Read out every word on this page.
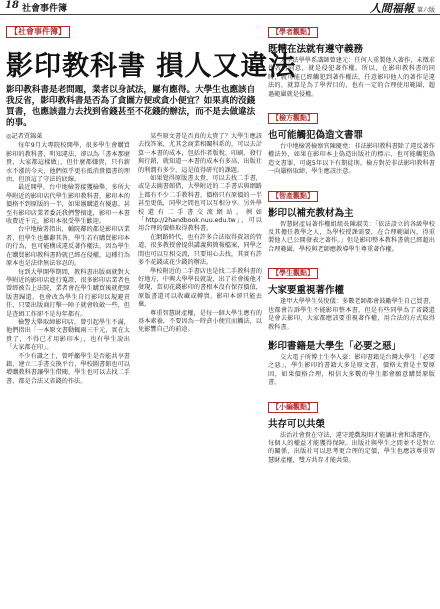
18 社會事件簿	人間福報 第六版
【社會事件簿】
影印教科書 損人又違法

影印教科書是老問題，業者以身試法，屢有應得。大學生也應該自我反省，影印教科書是否為了貪圖方便或貪小便宜？如果真的沒錢買書，也應該盡力去找到省錢甚至不花錢的辦法，而不是去做違法的事。

◎記者賈錦萊

每年9月大專院校開學，很多學生會購買影印的教科書，明知違法，卻以為「書本那麼貴，大家都這樣做」，但什麼都嫌貴，只有薪水不漲的今天，他們似乎更有抵消貴價書的理由，但頂這了守法的底線。

最近開學，台中地檢署接獲檢舉，多所大學附近的影印店代學生影印教科書，影印本的價格不到原版的一半，如果團購還有優惠。甚至有影印店業者委託我們警擅進，影印一本書收費近千元，影印本很受學生歡迎。

台中地檢署指出，輔院鄰的都是影印店業者，但學生也難辭其咎，學生若有購買影印本的行為，也可能構成違反著作權法，因為學生在購買影印教科書時就已經在侵權，這種行為原本也是法律無法容忍的。

每到大學開學期間，教科書出版商就對大學附近的影印店進行蒐證，很多影印店業者也曾經被告上法院，業者會在學生購買後就把原版書歸還，也會改為學生自行影印以規避責任，只要出版商打擊一陣子就會收斂一些，但是查緝工作卻不是每年都有。

檢警大舉取締影印店，曾引起學生不滿，他們指出「一本原文書動輒兩三千元，實在太貴了，不得已才用影印本」，也有學生說出「大家都在印」。

不少有識之士，曾呼籲學生是否能共享書籍、建立二手書交換平台，學校圖書館也可以增購教科書讓學生借閱，學生也可以去找二手書，都是合法又省錢的作法。

某些原文書是否真的太貴了？大學生應該去找答案，尤其念商業相關科系的，可以去計算一本書的成本，包括作者版稅、印刷、發行與行銷，就知道一本書的成本有多高，出版社的利潤有多少，這是值得研究的課題。

如果覺得原版書太貴，可以去找二手書，或是去圖書館借，大學附近的二手書店與網路上都有不少二手教科書，價格只有原價的一半甚至更低，同學之間也可以互相分享。另外學校還有二手書交流網站，例如「http://2handbook.nuu.edu.tw」，可以用合理的價格取得教科書。

在網路時代，也有許多合法取得資訊的管道，很多教授會提供講義與簡報檔案，同學之間也可以互相交流，只要用心去找，其實有許多不花錢或花少錢的辦法。

學校附近的二手書店也是找二手教科書的好地方，中興大學學長就說，出了社會後他才發現，當初花錢影印的書根本沒有保存價值，原版書還可以收藏或轉賣，影印本卻只能丟棄。

尊重智慧財產權，是每一個大學生應有的基本素養，不要因為一時貪小便宜而觸法，以免影響自己的前途。

【學者觀點】
既糟在法就有遵守義務

大學法學學系講師曾建元：任何人重製他人著作，未徵求作者的同意，就是侵犯著作權。所以，在影印教科書的同時，就可能已經觸犯到著作權法，任意影印他人的著作是違法的，就算是為了學習目的，也有一定的合理使用範圍，超過範圍就是侵權。

【檢方觀點】
也可能觸犯偽造文書罪

台中地檢署檢察官陳慶堯：非法影印教科書除了違反著作權法外，如果在影印本上偽造出版社的標示，也可能觸犯偽造文書罪，可處5年以下有期徒刑。檢方對於非法影印教科書一向嚴格取締，學生應該注意。

【智產觀點】
影印以補充教材為主

智慧財產局著作權組組長陳淑美：「依法設立的各級學校及其擔任教學之人，為學校授課需要，在合理範圍內，得重製他人已公開發表之著作。」但是影印整本教科書就已經超出合理範圍，學校與老師應教導學生尊重著作權。

【學生觀點】
大家要重視著作權

逢甲大學學生吳悅儀：多數老師都會鼓勵學生自己買書，也都會告訴學生不能影印整本書，但是有些同學為了省錢還是會去影印，大家都應該要重視著作權，用合法的方式取得教科書。

影印書籍是大學生「必要之惡」

交大電子所博士生李人豪：影印書籍是台灣大學生「必要之惡」，學生影印的書籍大多是原文書，價格太貴是主要原因，如果價格合理，相信大多數的學生都會願意購買原版書。

【小編觀點】
共存可以共榮

法治社會貴在守法，違守遊戲規則才能讓社會和諧運作，每個人的權益才能獲得保障。出版社與學生之間並不是對立的關係，出版社可以思考更合理的定價，學生也應該尊重智慧財產權，雙方共存才能共榮。
